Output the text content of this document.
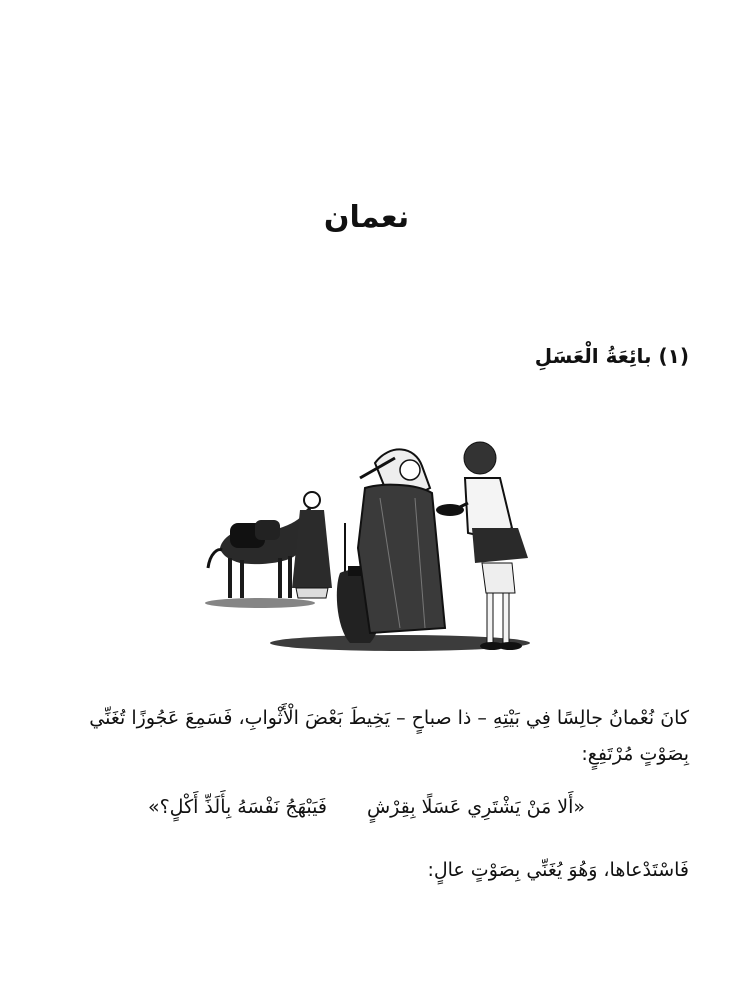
نعمان
(١) بائِعَةُ الْعَسَلِ
كانَ نُعْمانُ جالِسًا فِي بَيْتِهِ – ذا صباحٍ – يَخِيطَ بَعْضَ الْأَثْوابِ، فَسَمِعَ عَجُوزًا تُغَنِّي بِصَوْتٍ مُرْتَفِعٍ:
«أَلا مَنْ يَشْتَرِي عَسَلًا بِقِرْشٍ
فَيَبْهَجُ نَفْسَهُ بِأَلَذِّ أَكْلٍ؟»
فَاسْتَدْعاها، وَهُوَ يُغَنِّي بِصَوْتٍ عالٍ:
